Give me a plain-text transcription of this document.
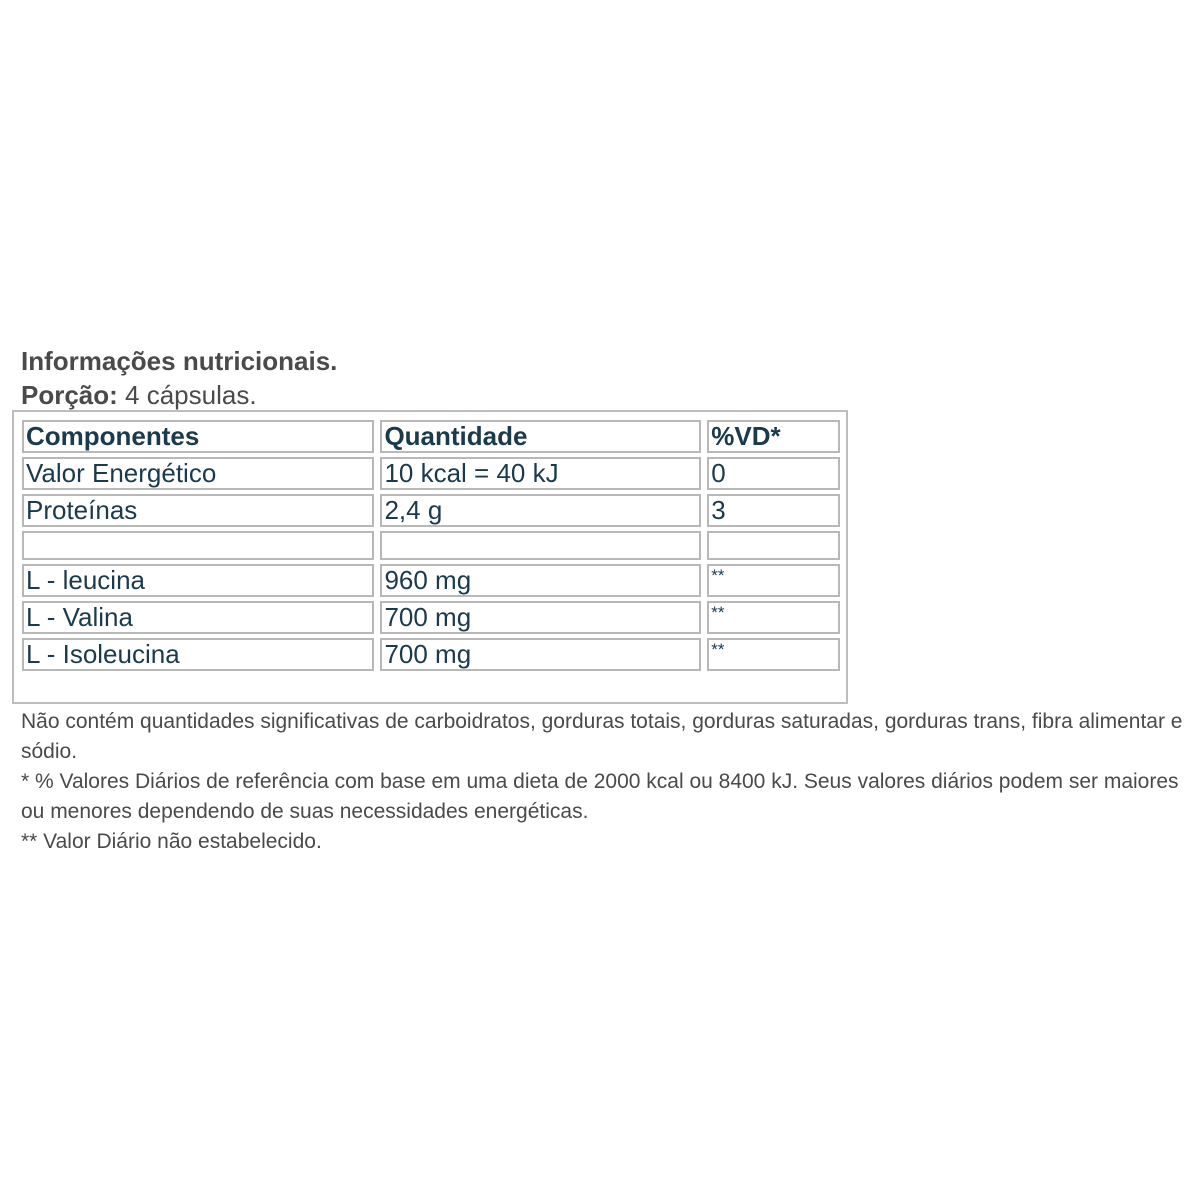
Informações nutricionais.
Porção: 4 cápsulas.
Componentes	Quantidade	%VD*
Valor Energético	10 kcal = 40 kJ	0
Proteínas	2,4 g	3

L - leucina	960 mg	**
L - Valina	700 mg	**
L - Isoleucina	700 mg	**

Não contém quantidades significativas de carboidratos, gorduras totais, gorduras saturadas, gorduras trans, fibra alimentar e sódio.

* % Valores Diários de referência com base em uma dieta de 2000 kcal ou 8400 kJ. Seus valores diários podem ser maiores ou menores dependendo de suas necessidades energéticas.

** Valor Diário não estabelecido.
